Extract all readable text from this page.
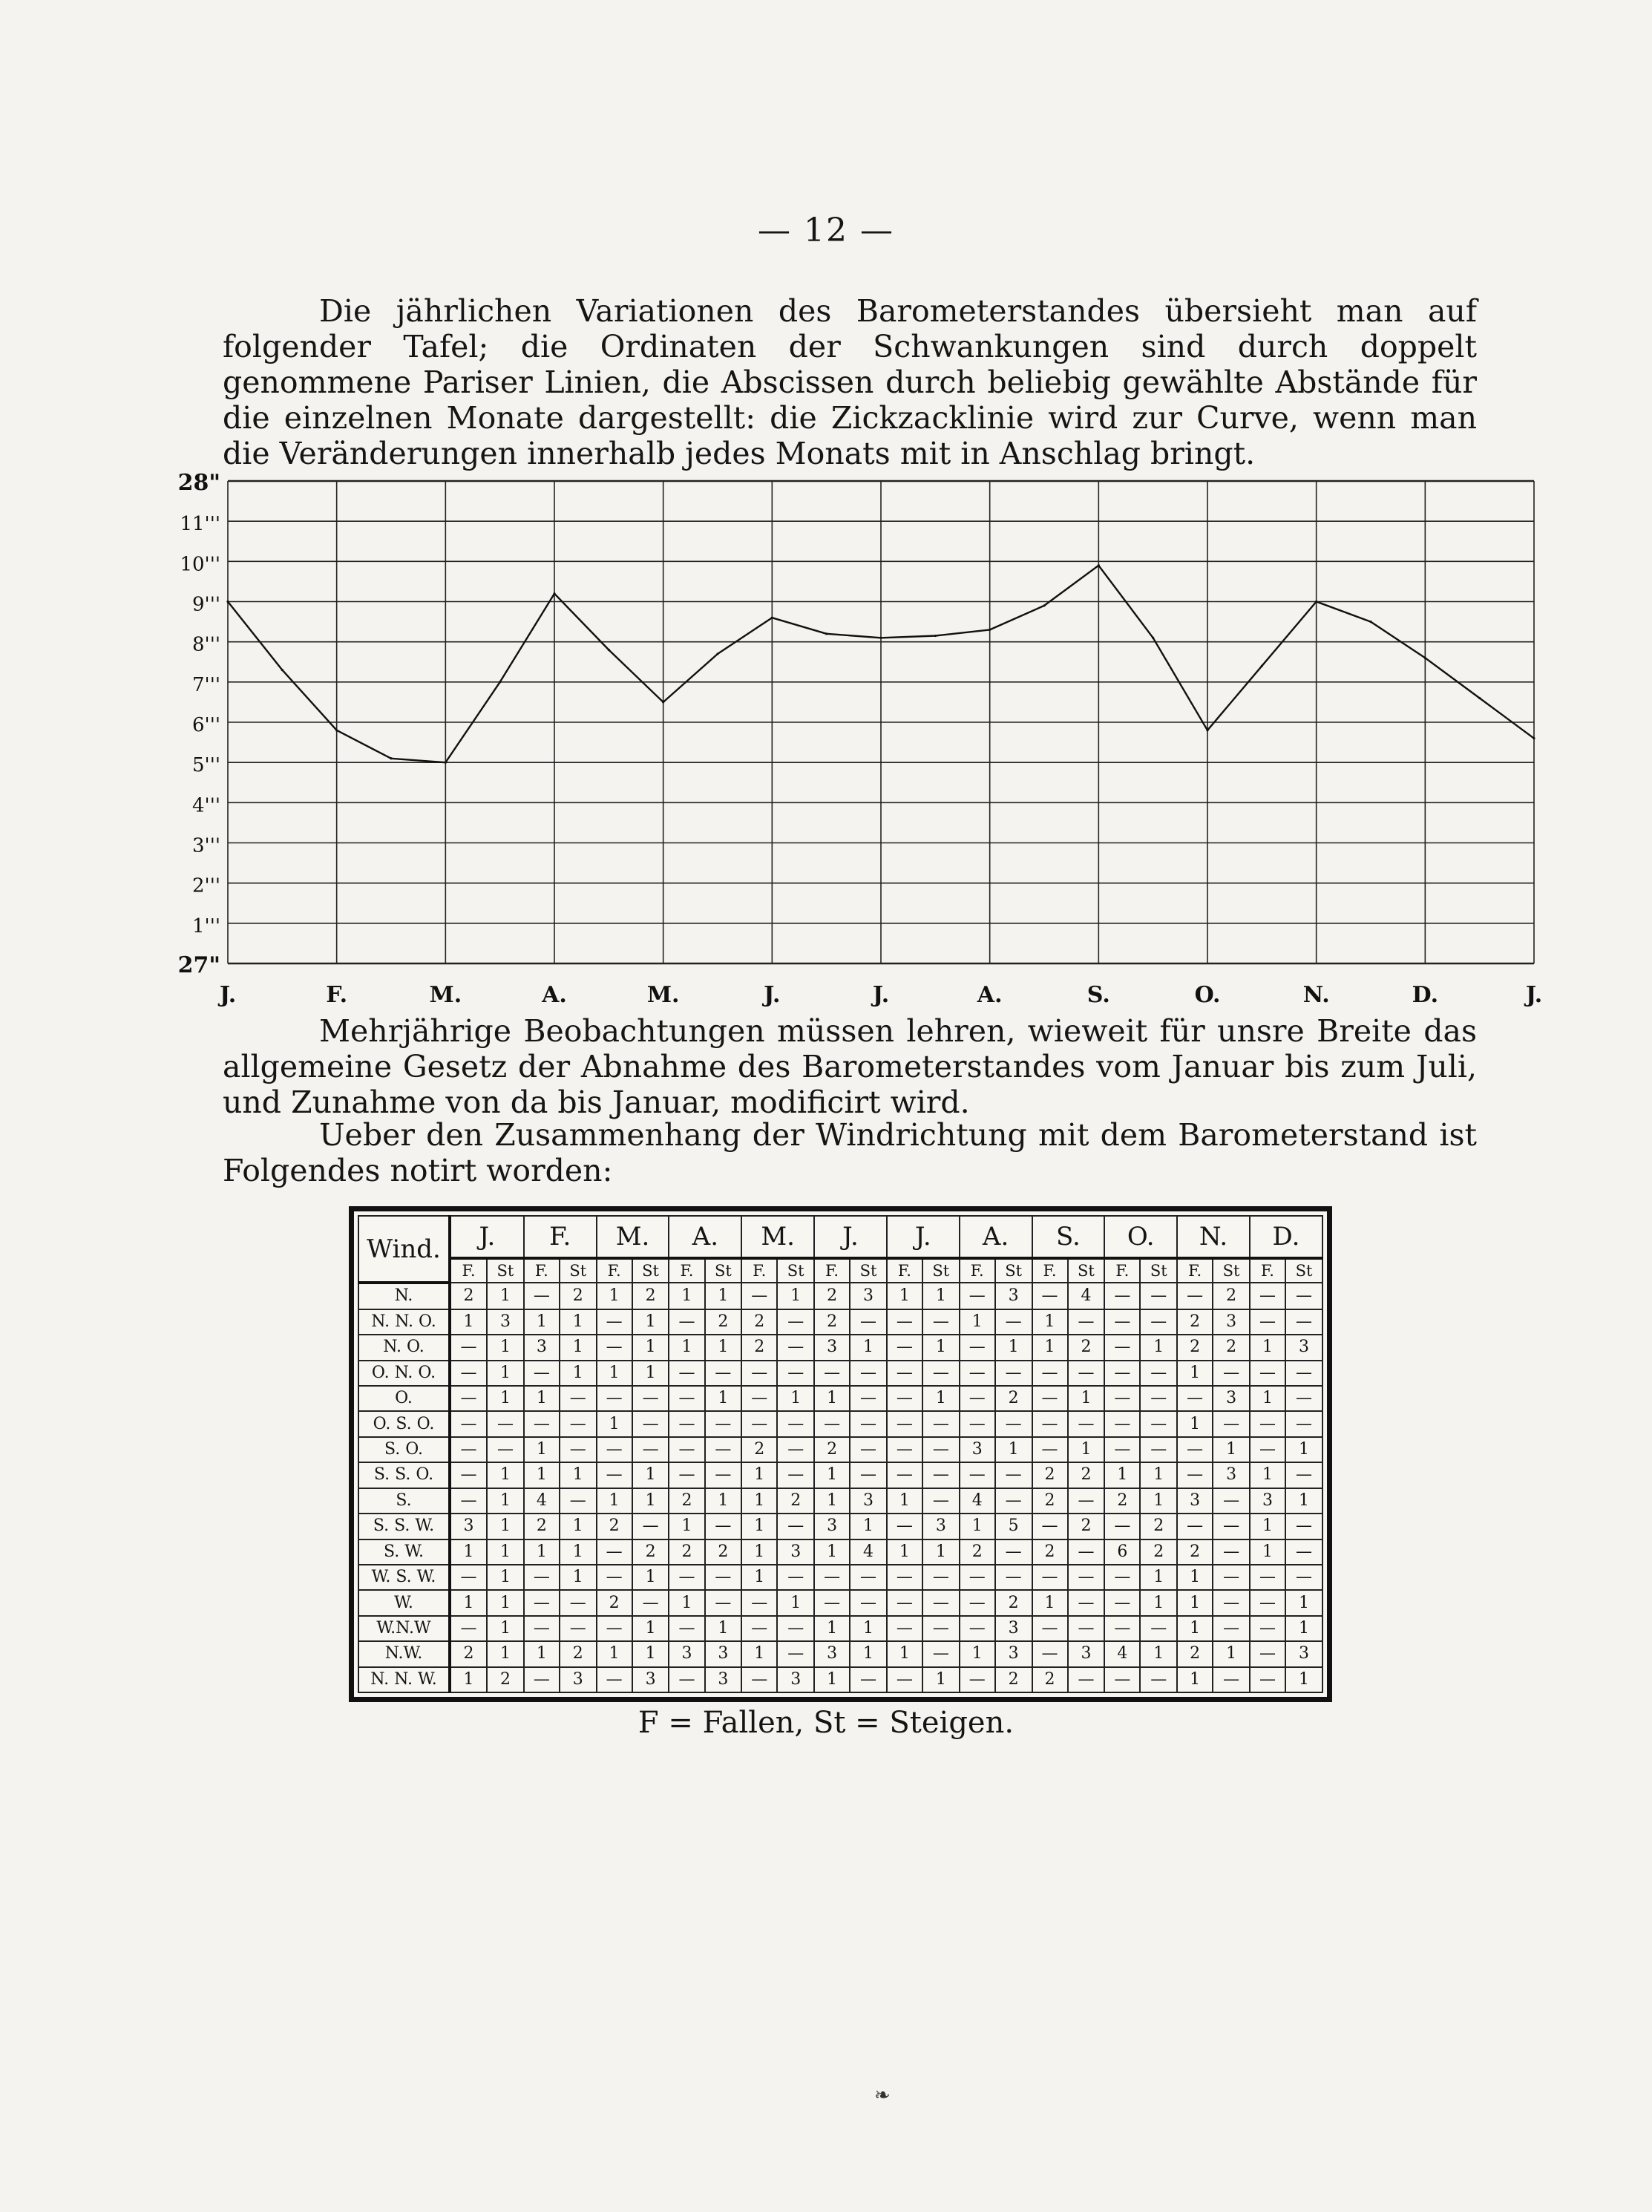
— 12 —

Die jährlichen Variationen des Barometerstandes übersieht man auf folgender Tafel; die Ordinaten der Schwankungen sind durch doppelt genommene Pariser Linien, die Abscissen durch beliebig gewählte Abstände für die einzelnen Monate dargestellt: die Zickzacklinie wird zur Curve, wenn man die Veränderungen innerhalb jedes Monats mit in Anschlag bringt.

28"
11'''
10'''
9'''
8'''
7'''
6'''
5'''
4'''
3'''
2'''
1'''
27"
J.	F.	M.	A.	M.	J.	J.	A.	S.	O.	N.	D.	J.

Mehrjährige Beobachtungen müssen lehren, wieweit für unsre Breite das allgemeine Gesetz der Abnahme des Barometerstandes vom Januar bis zum Juli, und Zunahme von da bis Januar, modificirt wird.

Ueber den Zusammenhang der Windrichtung mit dem Barometerstand ist Folgendes notirt worden:

Wind.	J.		F.		M.		A.		M.		J.		J.		A.		S.		O.		N.		D.	
	F.	St	F.	St	F.	St	F.	St	F.	St	F.	St	F.	St	F.	St	F.	St	F.	St	F.	St	F.	St
N.	2	1	—	2	1	2	1	1	—	1	2	3	1	1	—	3	—	4	—	—	—	2	—	—
N. N. O.	1	3	1	1	—	1	—	2	2	—	2	—	—	—	1	—	1	—	—	—	2	3	—	—
N. O.	—	1	3	1	—	1	1	1	2	—	3	1	—	1	—	1	1	2	—	1	2	2	1	3
O. N. O.	—	1	—	1	1	1	—	—	—	—	—	—	—	—	—	—	—	—	—	—	1	—	—	—
O.	—	1	1	—	—	—	—	1	—	1	1	—	—	1	—	2	—	1	—	—	—	3	1	—
O. S. O.	—	—	—	—	1	—	—	—	—	—	—	—	—	—	—	—	—	—	—	—	1	—	—	—
S. O.	—	—	1	—	—	—	—	—	2	—	2	—	—	—	3	1	—	1	—	—	—	1	—	1
S. S. O.	—	1	1	1	—	1	—	—	1	—	1	—	—	—	—	—	2	2	1	1	—	3	1	—
S.	—	1	4	—	1	1	2	1	1	2	1	3	1	—	4	—	2	—	2	1	3	—	3	1
S. S. W.	3	1	2	1	2	—	1	—	1	—	3	1	—	3	1	5	—	2	—	2	—	—	1	—
S. W.	1	1	1	1	—	2	2	2	1	3	1	4	1	1	2	—	2	—	6	2	2	—	1	—
W. S. W.	—	1	—	1	—	1	—	—	1	—	—	—	—	—	—	—	—	—	—	1	1	—	—	—
W.	1	1	—	—	2	—	1	—	—	1	—	—	—	—	—	2	1	—	—	1	1	—	—	1
W.N.W	—	1	—	—	—	1	—	1	—	—	1	1	—	—	—	3	—	—	—	—	1	—	—	1
N.W.	2	1	1	2	1	1	3	3	1	—	3	1	1	—	1	3	—	3	4	1	2	1	—	3
N. N. W.	1	2	—	3	—	3	—	3	—	3	1	—	—	1	—	2	2	—	—	—	1	—	—	1
F = Fallen, St = Steigen.
❧
